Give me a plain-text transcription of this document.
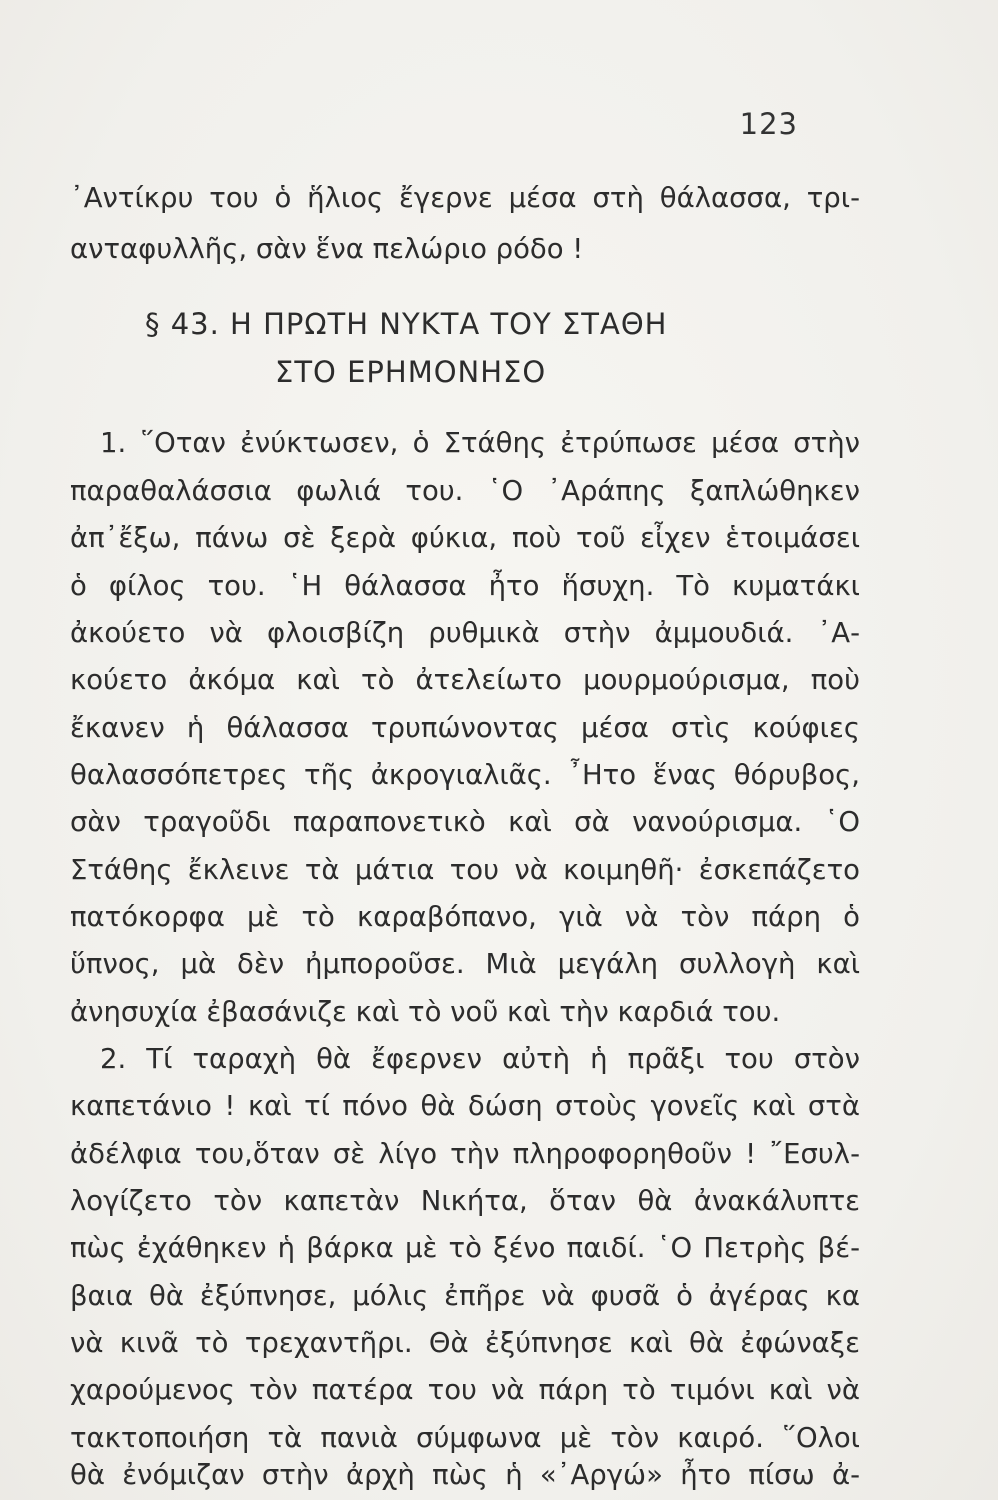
123
᾿Αντίκρυ του ὁ ἥλιος ἔγερνε μέσα στὴ θάλασσα, τρι-
ανταφυλλῆς, σὰν ἕνα πελώριο ρόδο !
§ 43. Η ΠΡΩΤΗ ΝΥΚΤΑ ΤΟΥ ΣΤΑΘΗ
ΣΤΟ ΕΡΗΜΟΝΗΣΟ
1. ῞Οταν ἐνύκτωσεν, ὁ Στάθης ἐτρύπωσε μέσα στὴν
παραθαλάσσια φωλιά του. ῾Ο ᾿Αράπης ξαπλώθηκεν
ἀπ᾿ἔξω, πάνω σὲ ξερὰ φύκια, ποὺ τοῦ εἶχεν ἑτοιμάσει
ὁ φίλος του. ῾Η θάλασσα ἦτο ἥσυχη. Τὸ κυματάκι
ἀκούετο νὰ φλοισβίζη ρυθμικὰ στὴν ἀμμουδιά. ᾿Α-
κούετο ἀκόμα καὶ τὸ ἀτελείωτο μουρμούρισμα, ποὺ
ἔκανεν ἡ θάλασσα τρυπώνοντας μέσα στὶς κούφιες
θαλασσόπετρες τῆς ἀκρογιαλιᾶς. ῏Ητο ἕνας θόρυβος,
σὰν τραγοῦδι παραπονετικὸ καὶ σὰ νανούρισμα. ῾Ο
Στάθης ἔκλεινε τὰ μάτια του νὰ κοιμηθῆ· ἐσκεπάζετο
πατόκορφα μὲ τὸ καραβόπανο, γιὰ νὰ τὸν πάρη ὁ
ὕπνος, μὰ δὲν ἠμποροῦσε. Μιὰ μεγάλη συλλογὴ καὶ
ἀνησυχία ἐβασάνιζε καὶ τὸ νοῦ καὶ τὴν καρδιά του.
2. Τί ταραχὴ θὰ ἔφερνεν αὐτὴ ἡ πρᾶξι του στὸν
καπετάνιο ! καὶ τί πόνο θὰ δώση στοὺς γονεῖς καὶ στὰ
ἀδέλφια του,ὅταν σὲ λίγο τὴν πληροφορηθοῦν ! ῎Εσυλ-
λογίζετο τὸν καπετὰν Νικήτα, ὅταν θὰ ἀνακάλυπτε
πὼς ἐχάθηκεν ἡ βάρκα μὲ τὸ ξένο παιδί. ῾Ο Πετρὴς βέ-
βαια θὰ ἐξύπνησε, μόλις ἐπῆρε νὰ φυσᾶ ὁ ἀγέρας κα
νὰ κινᾶ τὸ τρεχαντῆρι. Θὰ ἐξύπνησε καὶ θὰ ἐφώναξε
χαρούμενος τὸν πατέρα του νὰ πάρη τὸ τιμόνι καὶ νὰ
τακτοποιήση τὰ πανιὰ σύμφωνα μὲ τὸν καιρό. ῞Ολοι
θὰ ἐνόμιζαν στὴν ἀρχὴ πὼς ἡ «᾿Αργώ» ἦτο πίσω ἀ-
